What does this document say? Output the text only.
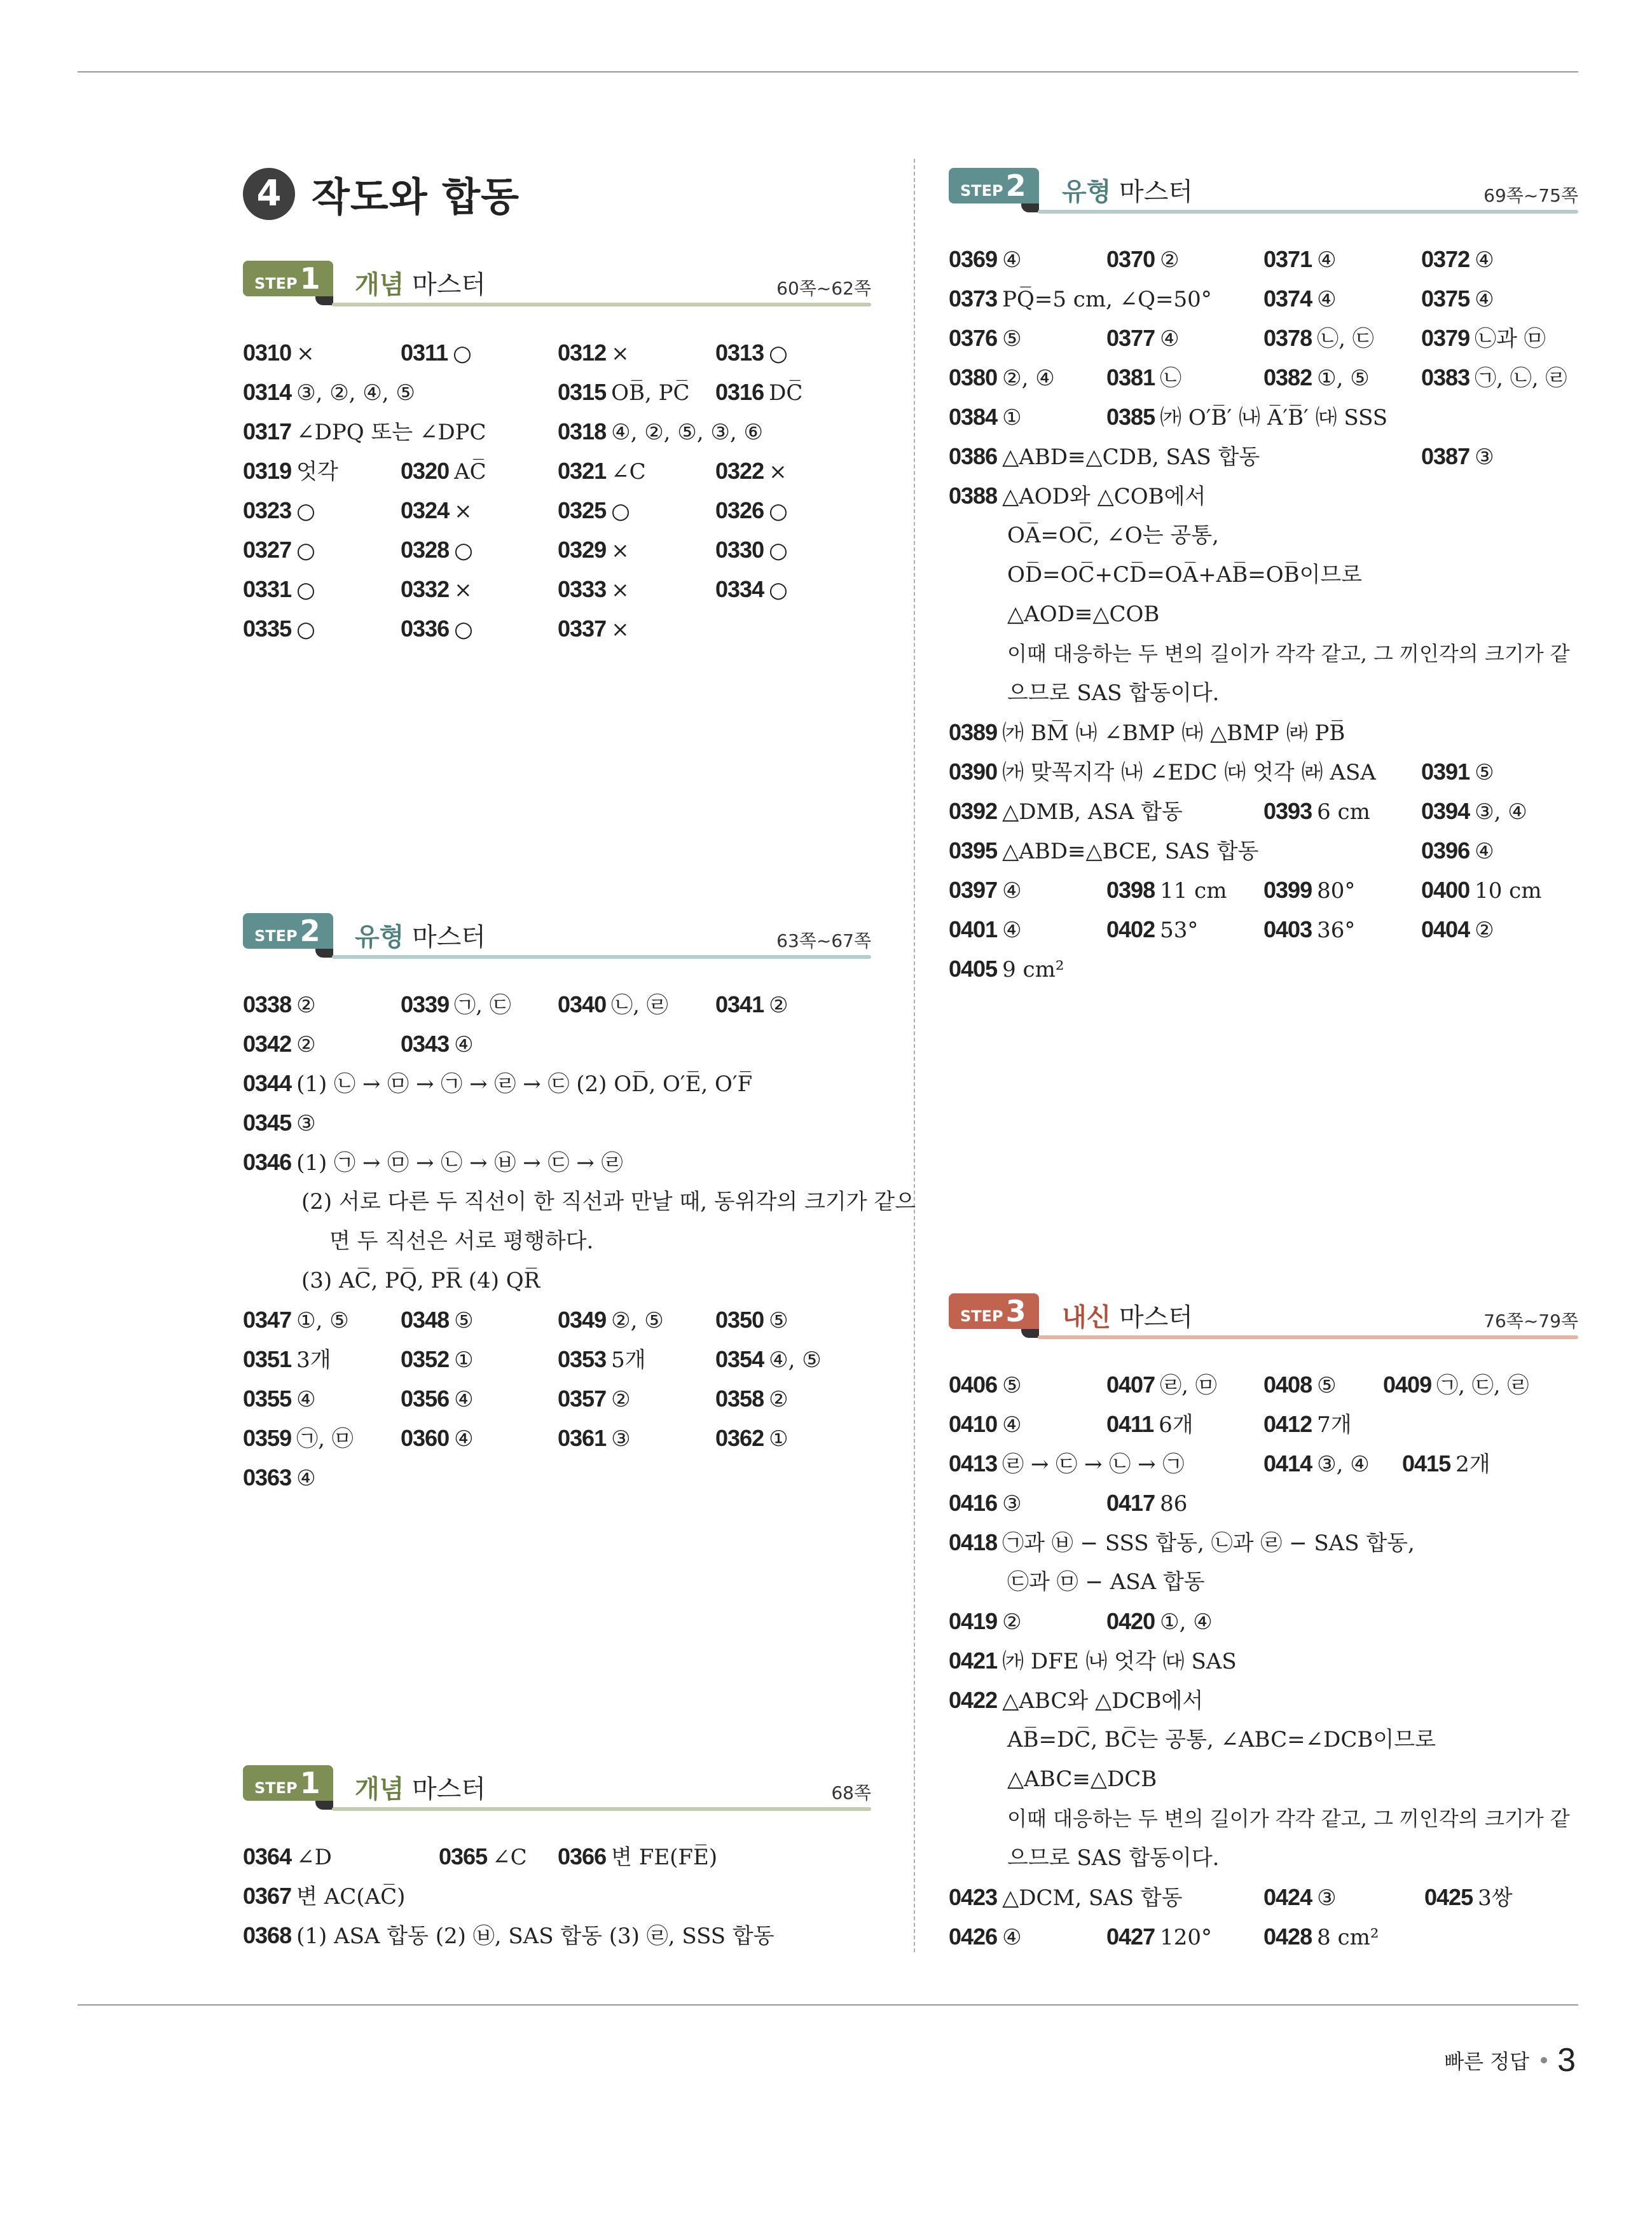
4 작도와 합동
STEP 1 개념 마스터	60쪽~62쪽
STEP 2 유형 마스터	63쪽~67쪽
STEP 1 개념 마스터	68쪽
STEP 2 유형 마스터	69쪽~75쪽
STEP 3 내신 마스터	76쪽~79쪽
0310 ×	0311 ○	0312 ×	0313 ○
0314 ③, ②, ④, ⑤	0315 OB̅, PC̅ 0316 DC̅
0317 ∠DPQ 또는 ∠DPC	0318 ④, ②, ⑤, ③, ⑥
0319 엇각	0320 AC̅	0321 ∠C	0322 ×
0323 ○	0324 ×	0325 ○	0326 ○
0327 ○	0328 ○	0329 ×	0330 ○
0331 ○	0332 ×	0333 ×	0334 ○
0335 ○	0336 ○	0337 ×
0338 ②	0339 ㉠, ㉢ 0340 ㉡, ㉣ 0341 ②
0342 ②	0343 ④
0344 (1) ㉡ → ㉤ → ㉠ → ㉣ → ㉢ (2) OD̅, O′E̅, O′F̅
0345 ③
0346 (1) ㉠ → ㉤ → ㉡ → ㉥ → ㉢ → ㉣
(2) 서로 다른 두 직선이 한 직선과 만날 때, 동위각의 크기가 같으
면 두 직선은 서로 평행하다.
(3) AC̅, PQ̅, PR̅ (4) QR̅
0347 ①, ⑤ 0348 ⑤	0349 ②, ⑤ 0350 ⑤
0351 3개	0352 ①	0353 5개	0354 ④, ⑤
0355 ④	0356 ④	0357 ②	0358 ②
0359 ㉠, ㉤ 0360 ④	0361 ③	0362 ①
0363 ④
0364 ∠D	0365 ∠C 0366 변 FE(FE̅)
0367 변 AC(AC̅)
0368 (1) ASA 합동 (2) ㉥, SAS 합동 (3) ㉣, SSS 합동
0369 ④	0370 ②	0371 ④	0372 ④
0373 PQ̅=5 cm, ∠Q=50° 0374 ④	0375 ④
0376 ⑤	0377 ④	0378 ㉡, ㉢ 0379 ㉡과 ㉤
0380 ②, ④ 0381 ㉡	0382 ①, ⑤ 0383 ㉠, ㉡, ㉣
0384 ①	0385 ㈎ O′B̅′ ㈏ A̅′B̅′ ㈐ SSS
0386 △ABD≡△CDB, SAS 합동	0387 ③
0388 △AOD와 △COB에서
OA̅=OC̅, ∠O는 공통,
OD̅=OC̅+CD̅=OA̅+AB̅=OB̅이므로
△AOD≡△COB
이때 대응하는 두 변의 길이가 각각 같고, 그 끼인각의 크기가 같
으므로 SAS 합동이다.
0389 ㈎ BM̅ ㈏ ∠BMP ㈐ △BMP ㈑ PB̅
0390 ㈎ 맞꼭지각 ㈏ ∠EDC ㈐ 엇각 ㈑ ASA 0391 ⑤
0392 △DMB, ASA 합동	0393 6 cm 0394 ③, ④
0395 △ABD≡△BCE, SAS 합동	0396 ④
0397 ④	0398 11 cm 0399 80°	0400 10 cm
0401 ④	0402 53°	0403 36°	0404 ②
0405 9 cm²
0406 ⑤	0407 ㉣, ㉤ 0408 ⑤ 0409 ㉠, ㉢, ㉣
0410 ④	0411 6개	0412 7개
0413 ㉣ → ㉢ → ㉡ → ㉠	0414 ③, ④ 0415 2개
0416 ③	0417 86
0418 ㉠과 ㉥ − SSS 합동, ㉡과 ㉣ − SAS 합동,
㉢과 ㉤ − ASA 합동
0419 ②	0420 ①, ④
0421 ㈎ DFE ㈏ 엇각 ㈐ SAS
0422 △ABC와 △DCB에서
AB̅=DC̅, BC̅는 공통, ∠ABC=∠DCB이므로
△ABC≡△DCB
이때 대응하는 두 변의 길이가 각각 같고, 그 끼인각의 크기가 같
으므로 SAS 합동이다.
0423 △DCM, SAS 합동	0424 ③	0425 3쌍
0426 ④	0427 120° 0428 8 cm²
빠른 정답 3
